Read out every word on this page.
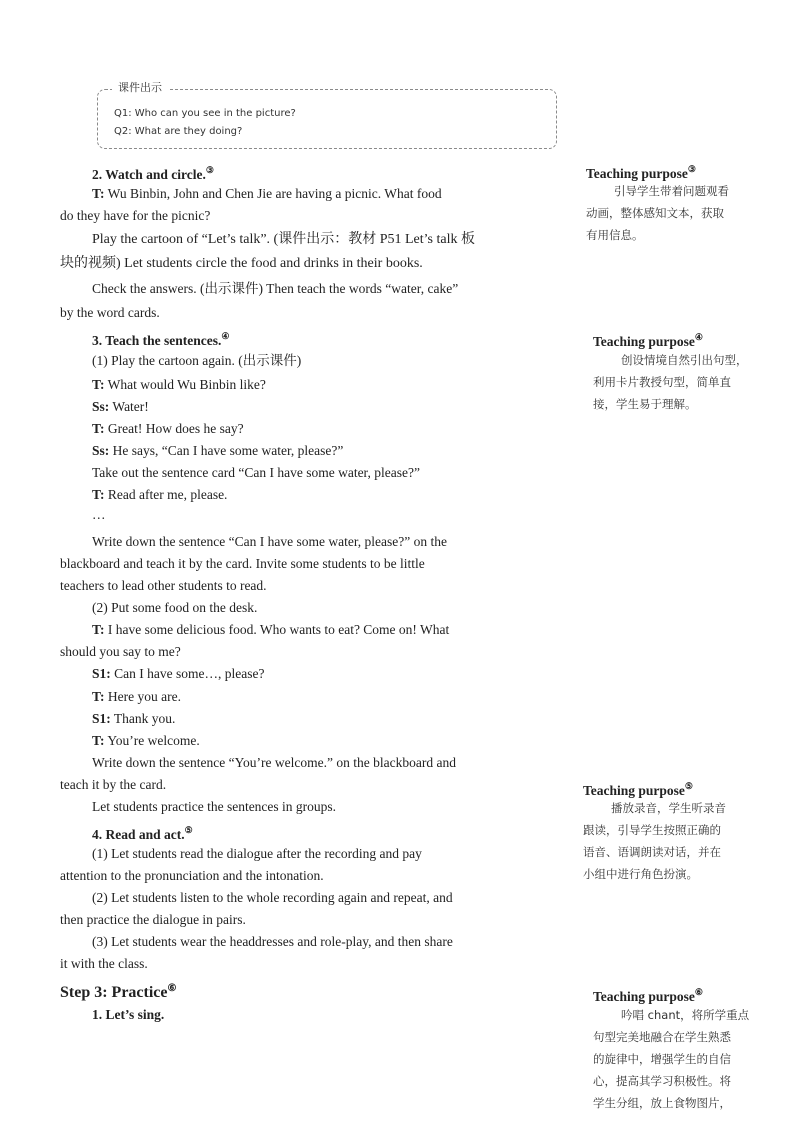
课件出示
Q1: Who can you see in the picture?
Q2: What are they doing?
2. Watch and circle.③
T: Wu Binbin, John and Chen Jie are having a picnic. What food
do they have for the picnic?
Play the cartoon of “Let’s talk”. (课件出示：教材 P51 Let’s talk 板
块的视频) Let students circle the food and drinks in their books.
Check the answers. (出示课件) Then teach the words “water, cake”
by the word cards.
3. Teach the sentences.④
(1) Play the cartoon again. (出示课件)
T: What would Wu Binbin like?
Ss: Water!
T: Great! How does he say?
Ss: He says, “Can I have some water, please?”
Take out the sentence card “Can I have some water, please?”
T: Read after me, please.
…
Write down the sentence “Can I have some water, please?” on the
blackboard and teach it by the card. Invite some students to be little
teachers to lead other students to read.
(2) Put some food on the desk.
T: I have some delicious food. Who wants to eat? Come on! What
should you say to me?
S1: Can I have some…, please?
T: Here you are.
S1: Thank you.
T: You’re welcome.
Write down the sentence “You’re welcome.” on the blackboard and
teach it by the card.
Let students practice the sentences in groups.
4. Read and act.⑤
(1) Let students read the dialogue after the recording and pay
attention to the pronunciation and the intonation.
(2) Let students listen to the whole recording again and repeat, and
then practice the dialogue in pairs.
(3) Let students wear the headdresses and role-play, and then share
it with the class.
Step 3: Practice⑥
1. Let’s sing.
Teaching purpose③
引导学生带着问题观看
动画，整体感知文本，获取
有用信息。
Teaching purpose④
创设情境自然引出句型，
利用卡片教授句型，简单直
接，学生易于理解。
Teaching purpose⑤
播放录音，学生听录音
跟读，引导学生按照正确的
语音、语调朗读对话，并在
小组中进行角色扮演。
Teaching purpose⑥
吟唱 chant，将所学重点
句型完美地融合在学生熟悉
的旋律中，增强学生的自信
心，提高其学习积极性。将
学生分组，放上食物图片，
